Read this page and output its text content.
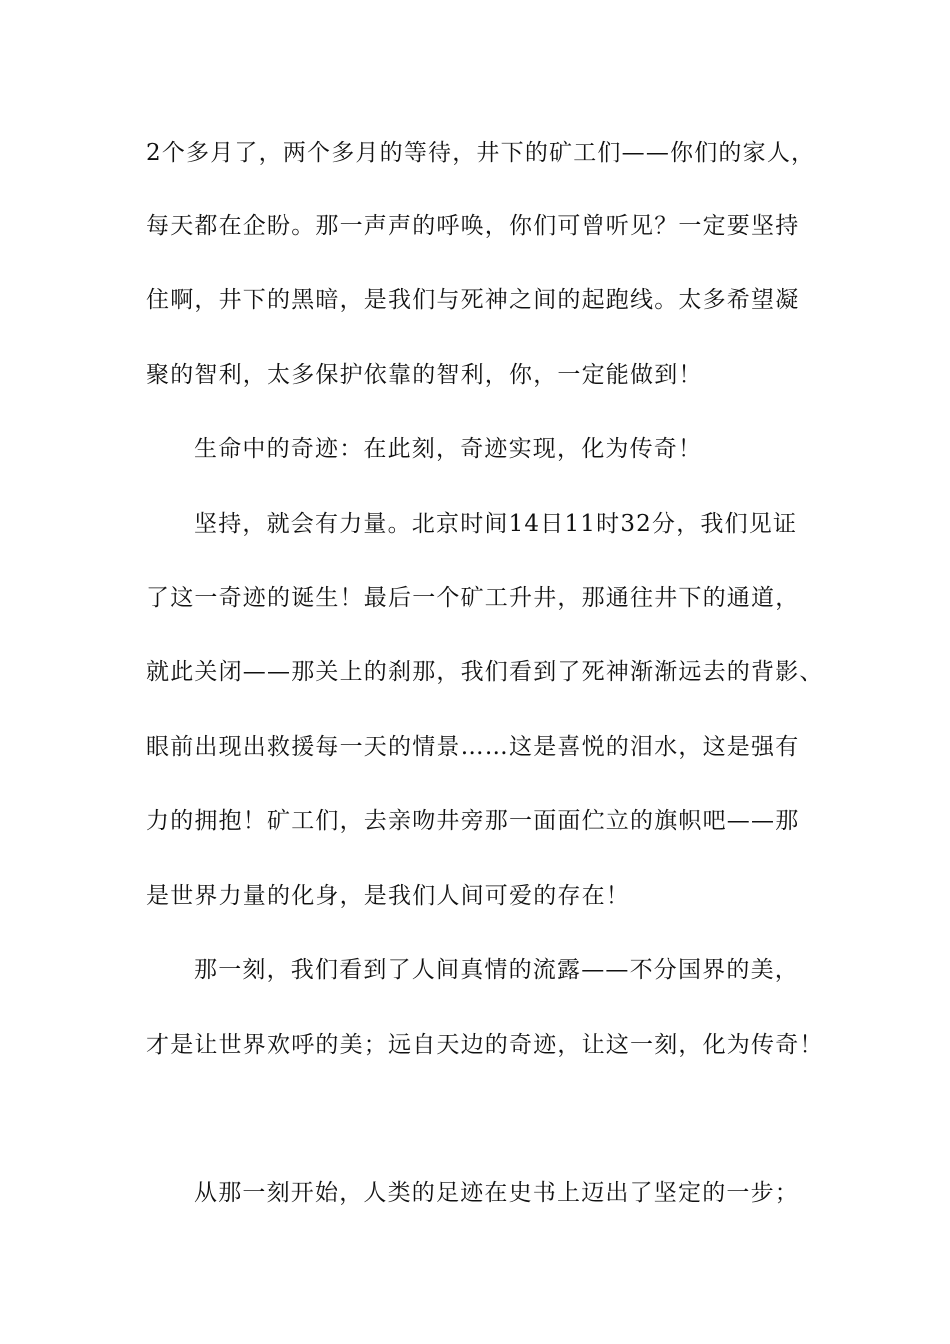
2个多月了，两个多月的等待，井下的矿工们——你们的家人，
每天都在企盼。那一声声的呼唤，你们可曾听见？一定要坚持
住啊，井下的黑暗，是我们与死神之间的起跑线。太多希望凝
聚的智利，太多保护依靠的智利，你，一定能做到！
生命中的奇迹：在此刻，奇迹实现，化为传奇！
坚持，就会有力量。北京时间14日11时32分，我们见证
了这一奇迹的诞生！最后一个矿工升井，那通往井下的通道，
就此关闭——那关上的刹那，我们看到了死神渐渐远去的背影、
眼前出现出救援每一天的情景……这是喜悦的泪水，这是强有
力的拥抱！矿工们，去亲吻井旁那一面面伫立的旗帜吧——那
是世界力量的化身，是我们人间可爱的存在！
那一刻，我们看到了人间真情的流露——不分国界的美，
才是让世界欢呼的美；远自天边的奇迹，让这一刻，化为传奇！
从那一刻开始，人类的足迹在史书上迈出了坚定的一步；
